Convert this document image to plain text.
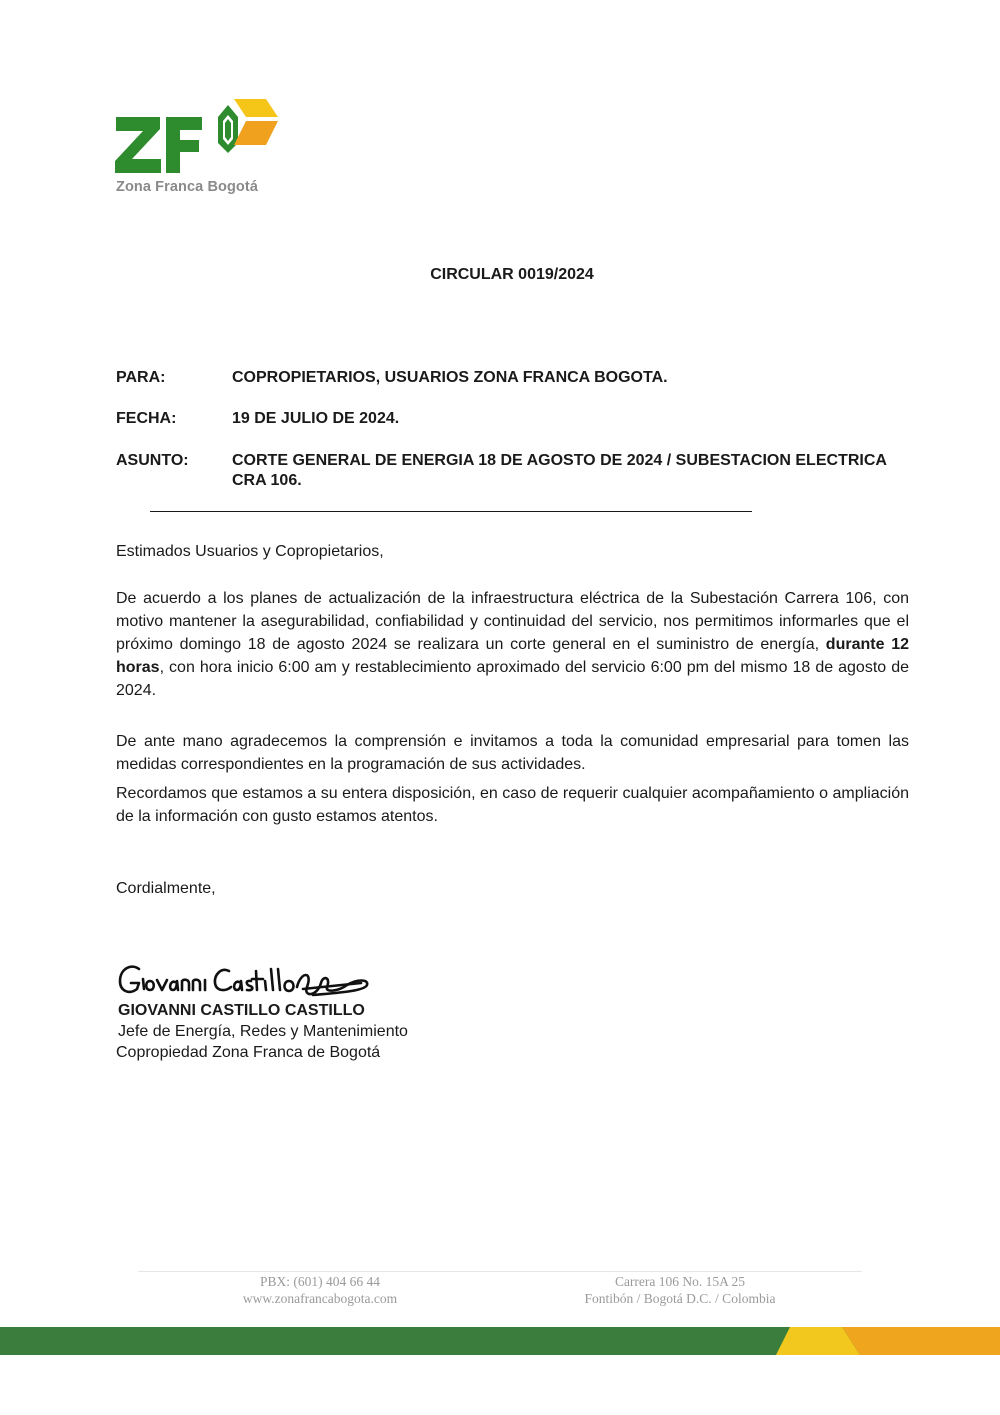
Zona Franca Bogotá
CIRCULAR 0019/2024
PARA:	COPROPIETARIOS, USUARIOS ZONA FRANCA BOGOTA.
FECHA:	19 DE JULIO DE 2024.
ASUNTO:	CORTE GENERAL DE ENERGIA 18 DE AGOSTO DE 2024 / SUBESTACION ELECTRICA CRA 106.
Estimados Usuarios y Copropietarios,
De acuerdo a los planes de actualización de la infraestructura eléctrica de la Subestación Carrera 106, con motivo mantener la asegurabilidad, confiabilidad y continuidad del servicio, nos permitimos informarles que el próximo domingo 18 de agosto 2024 se realizara un corte general en el suministro de energía, durante 12 horas, con hora inicio 6:00 am y restablecimiento aproximado del servicio 6:00 pm del mismo 18 de agosto de 2024.
De ante mano agradecemos la comprensión e invitamos a toda la comunidad empresarial para tomen las medidas correspondientes en la programación de sus actividades.
Recordamos que estamos a su entera disposición, en caso de requerir cualquier acompañamiento o ampliación de la información con gusto estamos atentos.
Cordialmente,
GIOVANNI CASTILLO CASTILLO
Jefe de Energía, Redes y Mantenimiento
Copropiedad Zona Franca de Bogotá
PBX: (601) 404 66 44
www.zonafrancabogota.com
Carrera 106 No. 15A 25
Fontibón / Bogotá D.C. / Colombia
